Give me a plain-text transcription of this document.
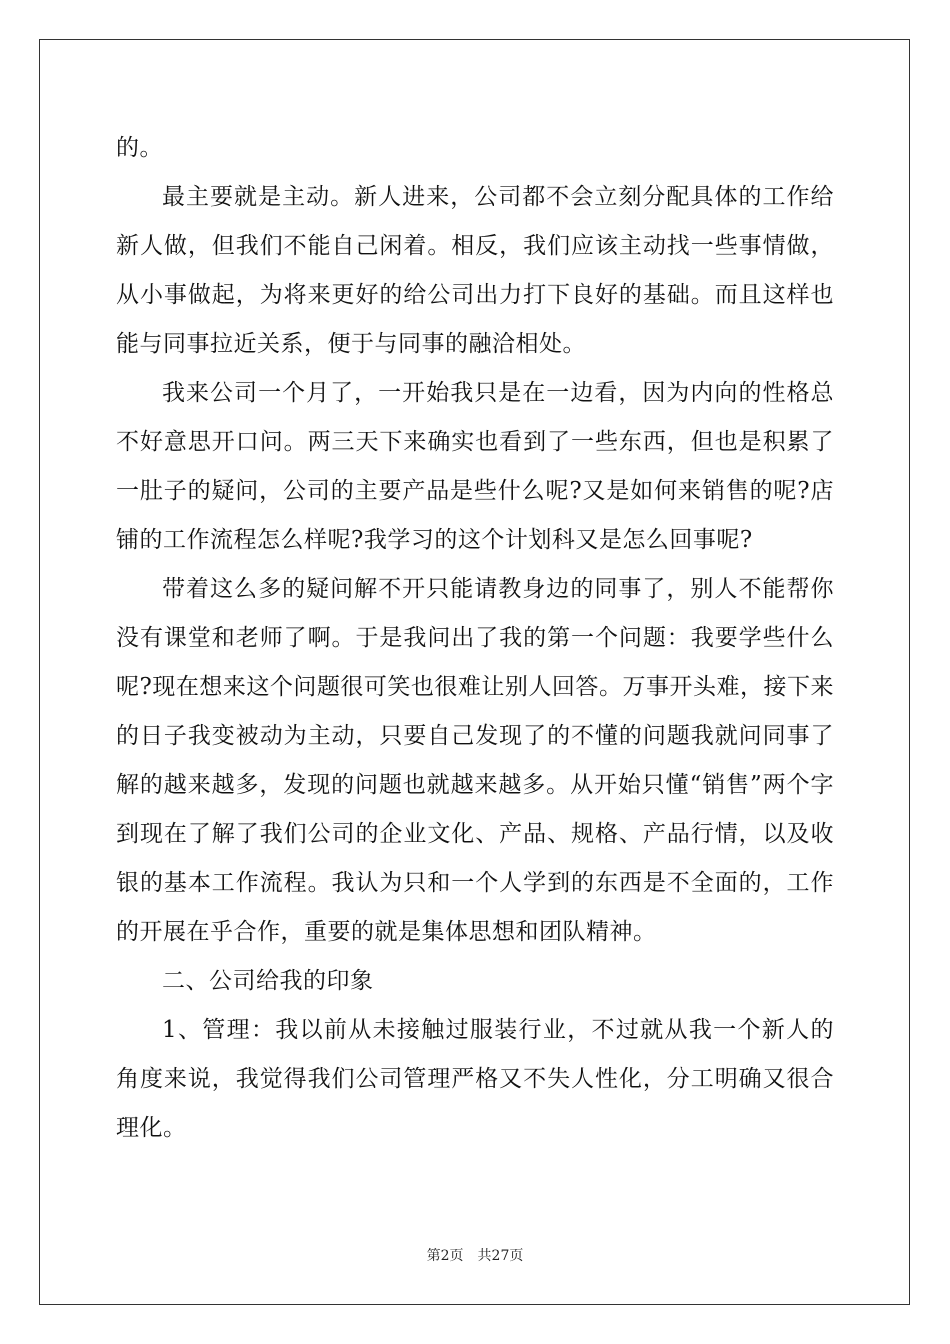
的。

最主要就是主动。新人进来，公司都不会立刻分配具体的工作给新人做，但我们不能自己闲着。相反，我们应该主动找一些事情做，从小事做起，为将来更好的给公司出力打下良好的基础。而且这样也能与同事拉近关系，便于与同事的融洽相处。

我来公司一个月了，一开始我只是在一边看，因为内向的性格总不好意思开口问。两三天下来确实也看到了一些东西，但也是积累了一肚子的疑问，公司的主要产品是些什么呢?又是如何来销售的呢?店铺的工作流程怎么样呢?我学习的这个计划科又是怎么回事呢?

带着这么多的疑问解不开只能请教身边的同事了，别人不能帮你没有课堂和老师了啊。于是我问出了我的第一个问题：我要学些什么呢?现在想来这个问题很可笑也很难让别人回答。万事开头难，接下来的日子我变被动为主动，只要自己发现了的不懂的问题我就问同事了解的越来越多，发现的问题也就越来越多。从开始只懂“销售”两个字到现在了解了我们公司的企业文化、产品、规格、产品行情，以及收银的基本工作流程。我认为只和一个人学到的东西是不全面的，工作的开展在乎合作，重要的就是集体思想和团队精神。

二、公司给我的印象

1、管理：我以前从未接触过服装行业，不过就从我一个新人的角度来说，我觉得我们公司管理严格又不失人性化，分工明确又很合理化。

第2页 共27页
